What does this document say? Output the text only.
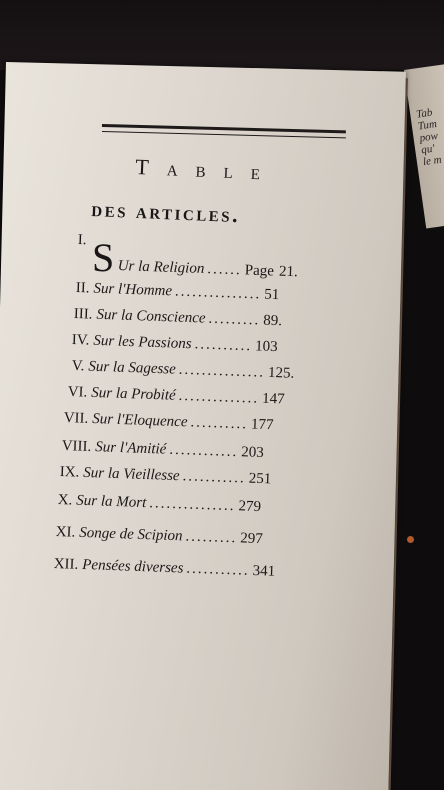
Tab
Tum
pow
qu'
le m
Table
des articles.
I. S Ur la Religion ...... Page 21.
II. Sur l'Homme ............... 51
III. Sur la Conscience ......... 89.
IV. Sur les Passions .......... 103
V. Sur la Sagesse ............... 125.
VI. Sur la Probité .............. 147
VII. Sur l'Eloquence .......... 177
VIII. Sur l'Amitié ............ 203
IX. Sur la Vieillesse ........... 251
X. Sur la Mort ............... 279
XI. Songe de Scipion ......... 297
XII. Pensées diverses ........... 341
